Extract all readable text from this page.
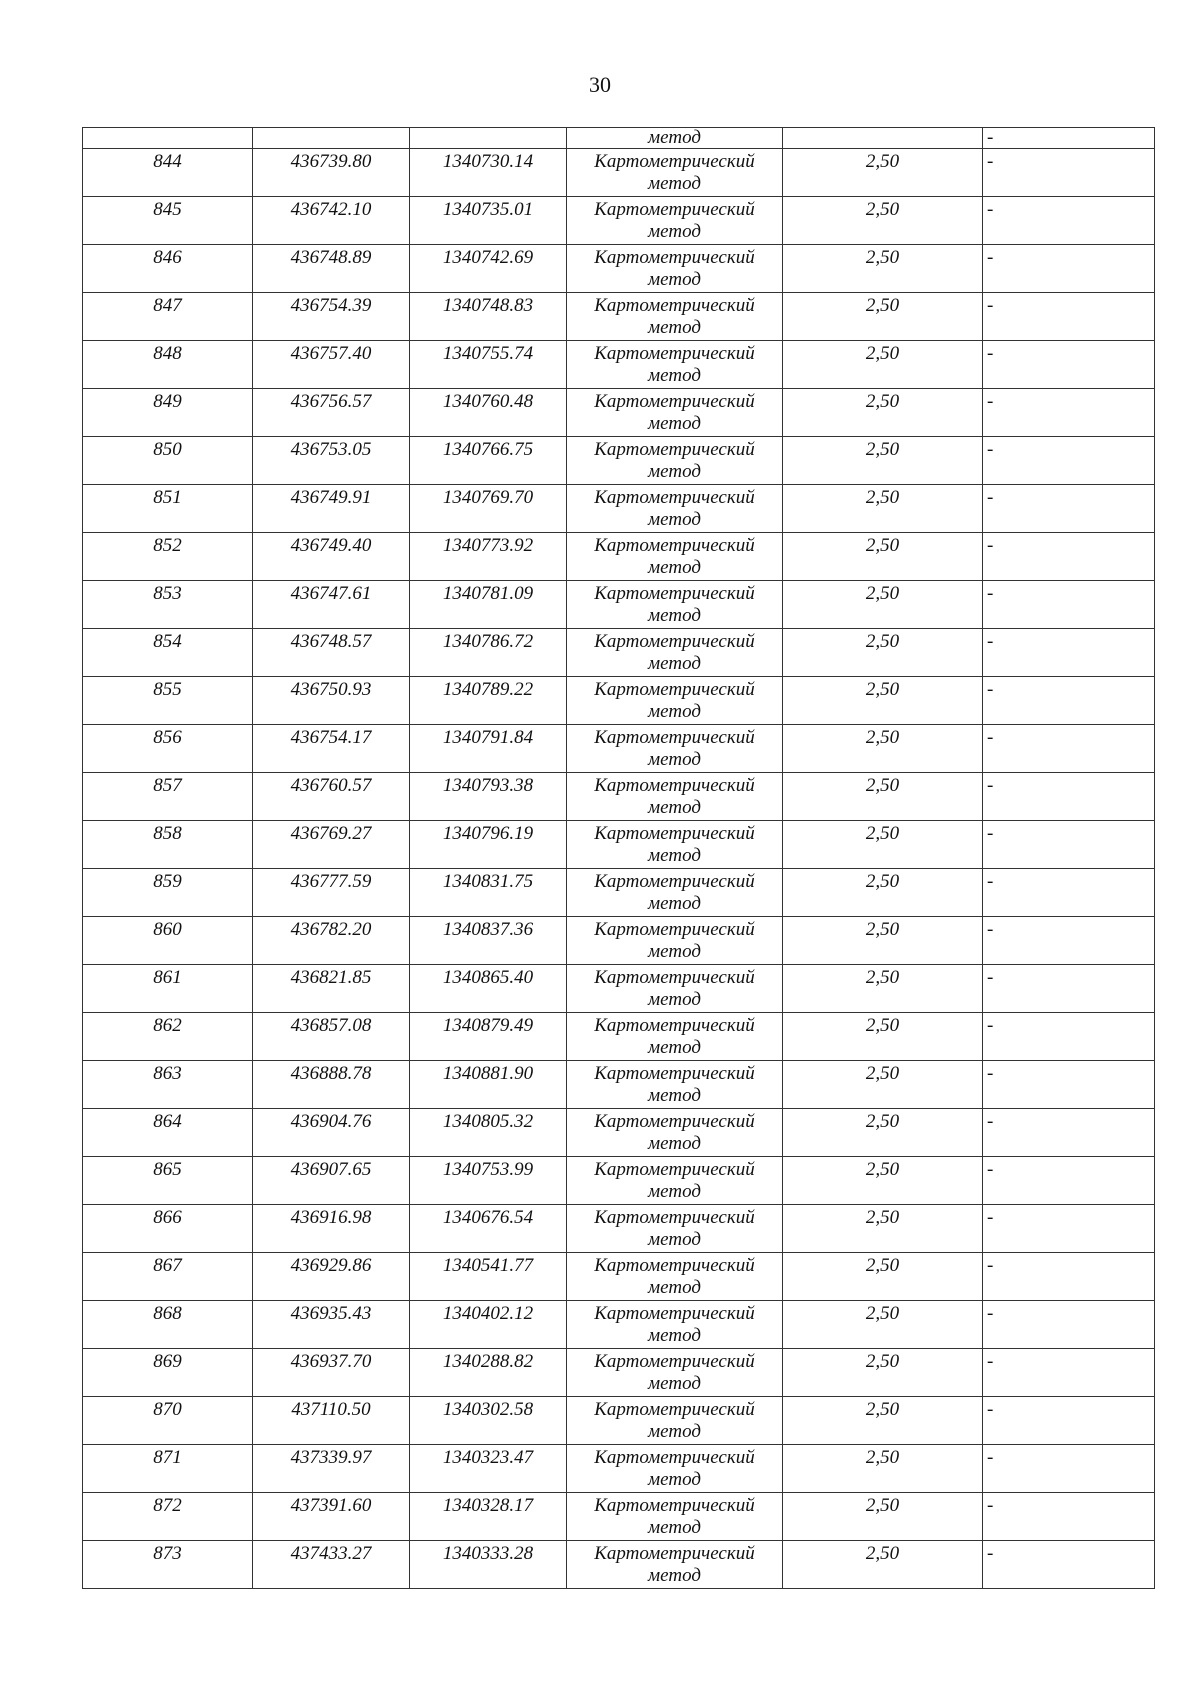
30
			метод		-
844	436739.80	1340730.14	Картометрический
метод	2,50	-
845	436742.10	1340735.01	Картометрический
метод	2,50	-
846	436748.89	1340742.69	Картометрический
метод	2,50	-
847	436754.39	1340748.83	Картометрический
метод	2,50	-
848	436757.40	1340755.74	Картометрический
метод	2,50	-
849	436756.57	1340760.48	Картометрический
метод	2,50	-
850	436753.05	1340766.75	Картометрический
метод	2,50	-
851	436749.91	1340769.70	Картометрический
метод	2,50	-
852	436749.40	1340773.92	Картометрический
метод	2,50	-
853	436747.61	1340781.09	Картометрический
метод	2,50	-
854	436748.57	1340786.72	Картометрический
метод	2,50	-
855	436750.93	1340789.22	Картометрический
метод	2,50	-
856	436754.17	1340791.84	Картометрический
метод	2,50	-
857	436760.57	1340793.38	Картометрический
метод	2,50	-
858	436769.27	1340796.19	Картометрический
метод	2,50	-
859	436777.59	1340831.75	Картометрический
метод	2,50	-
860	436782.20	1340837.36	Картометрический
метод	2,50	-
861	436821.85	1340865.40	Картометрический
метод	2,50	-
862	436857.08	1340879.49	Картометрический
метод	2,50	-
863	436888.78	1340881.90	Картометрический
метод	2,50	-
864	436904.76	1340805.32	Картометрический
метод	2,50	-
865	436907.65	1340753.99	Картометрический
метод	2,50	-
866	436916.98	1340676.54	Картометрический
метод	2,50	-
867	436929.86	1340541.77	Картометрический
метод	2,50	-
868	436935.43	1340402.12	Картометрический
метод	2,50	-
869	436937.70	1340288.82	Картометрический
метод	2,50	-
870	437110.50	1340302.58	Картометрический
метод	2,50	-
871	437339.97	1340323.47	Картометрический
метод	2,50	-
872	437391.60	1340328.17	Картометрический
метод	2,50	-
873	437433.27	1340333.28	Картометрический
метод	2,50	-
